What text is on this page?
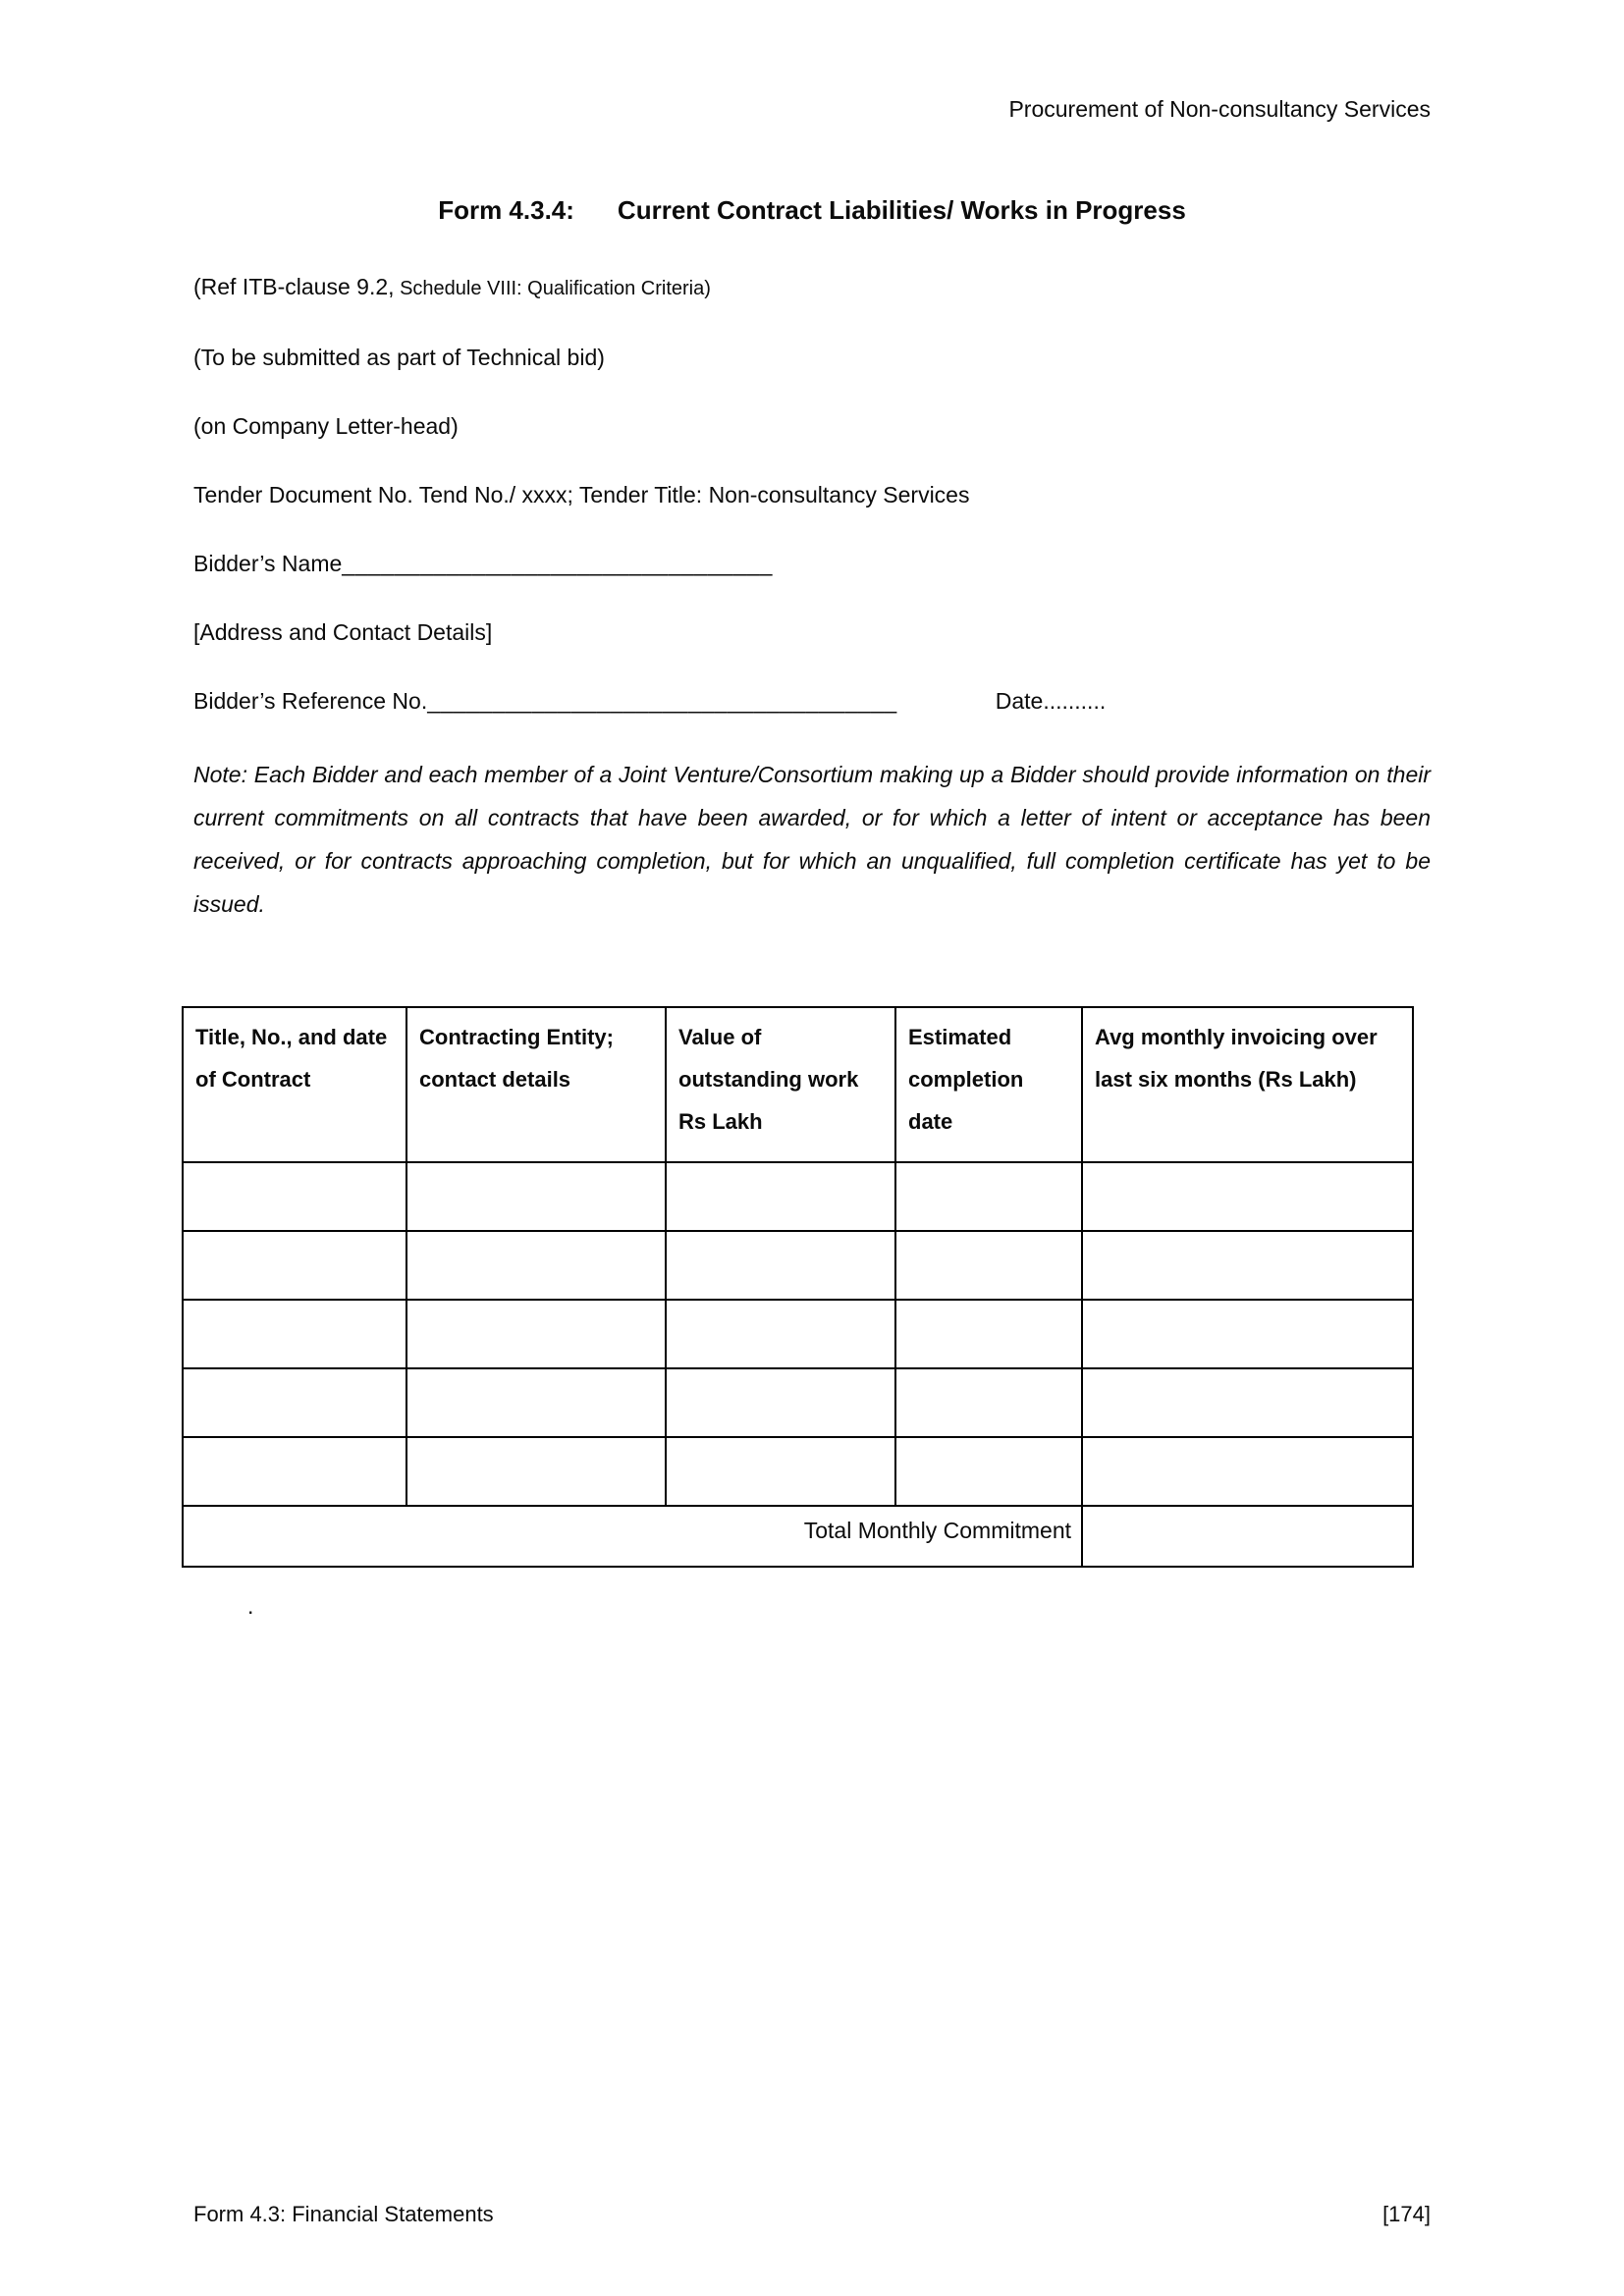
Procurement of Non-consultancy Services
Form 4.3.4: Current Contract Liabilities/ Works in Progress

(Ref ITB-clause 9.2, Schedule VIII: Qualification Criteria)

(To be submitted as part of Technical bid)

(on Company Letter-head)

Tender Document No. Tend No./ xxxx; Tender Title: Non-consultancy Services

Bidder’s Name_________________________________

[Address and Contact Details]

Bidder’s Reference No.____________________________________	Date..........

Note: Each Bidder and each member of a Joint Venture/Consortium making up a Bidder should provide information on their current commitments on all contracts that have been awarded, or for which a letter of intent or acceptance has been received, or for contracts approaching completion, but for which an unqualified, full completion certificate has yet to be issued.

Title, No., and date of Contract	Contracting Entity; contact details	Value of outstanding work Rs Lakh	Estimated completion date	Avg monthly invoicing over last six months (Rs Lakh)

Total Monthly Commitment				

.

Form 4.3: Financial Statements	[174]
